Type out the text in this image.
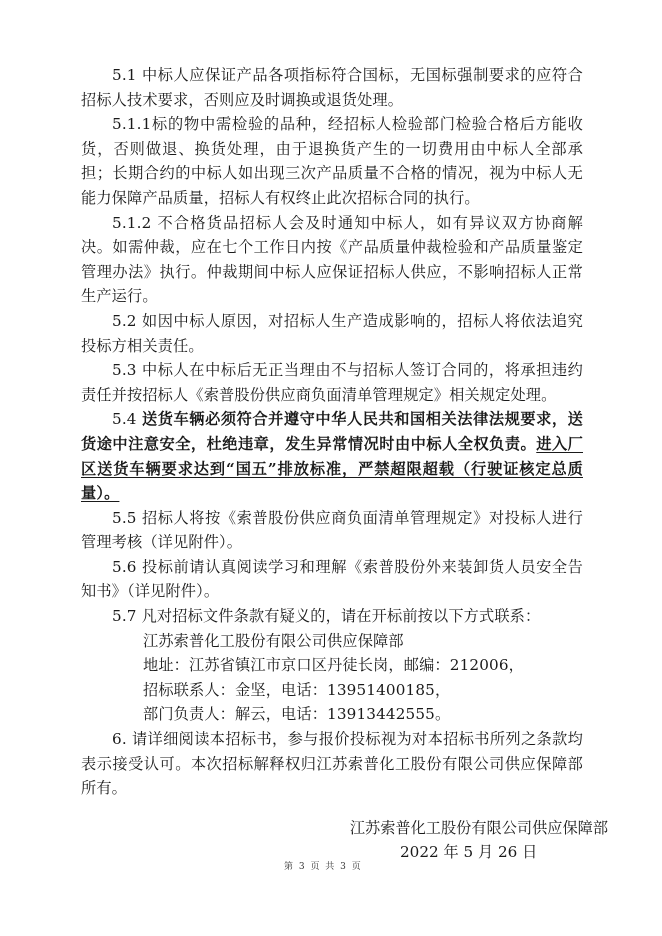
5.1 中标人应保证产品各项指标符合国标，无国标强制要求的应符合招标人技术要求，否则应及时调换或退货处理。

5.1.1标的物中需检验的品种，经招标人检验部门检验合格后方能收货，否则做退、换货处理，由于退换货产生的一切费用由中标人全部承担；长期合约的中标人如出现三次产品质量不合格的情况，视为中标人无能力保障产品质量，招标人有权终止此次招标合同的执行。

5.1.2 不合格货品招标人会及时通知中标人，如有异议双方协商解决。如需仲裁，应在七个工作日内按《产品质量仲裁检验和产品质量鉴定管理办法》执行。仲裁期间中标人应保证招标人供应，不影响招标人正常生产运行。

5.2 如因中标人原因，对招标人生产造成影响的，招标人将依法追究投标方相关责任。

5.3 中标人在中标后无正当理由不与招标人签订合同的，将承担违约责任并按招标人《索普股份供应商负面清单管理规定》相关规定处理。

5.4 送货车辆必须符合并遵守中华人民共和国相关法律法规要求，送货途中注意安全，杜绝违章，发生异常情况时由中标人全权负责。进入厂区送货车辆要求达到“国五”排放标准，严禁超限超载（行驶证核定总质量）。

5.5 招标人将按《索普股份供应商负面清单管理规定》对投标人进行管理考核（详见附件）。

5.6 投标前请认真阅读学习和理解《索普股份外来装卸货人员安全告知书》（详见附件）。

5.7 凡对招标文件条款有疑义的，请在开标前按以下方式联系：

江苏索普化工股份有限公司供应保障部

地址：江苏省镇江市京口区丹徒长岗，邮编：212006，

招标联系人：金坚，电话：13951400185，

部门负责人：解云，电话：13913442555。

6. 请详细阅读本招标书，参与报价投标视为对本招标书所列之条款均表示接受认可。本次招标解释权归江苏索普化工股份有限公司供应保障部所有。

江苏索普化工股份有限公司供应保障部
2022 年 5 月 26 日
第 3 页 共 3 页
